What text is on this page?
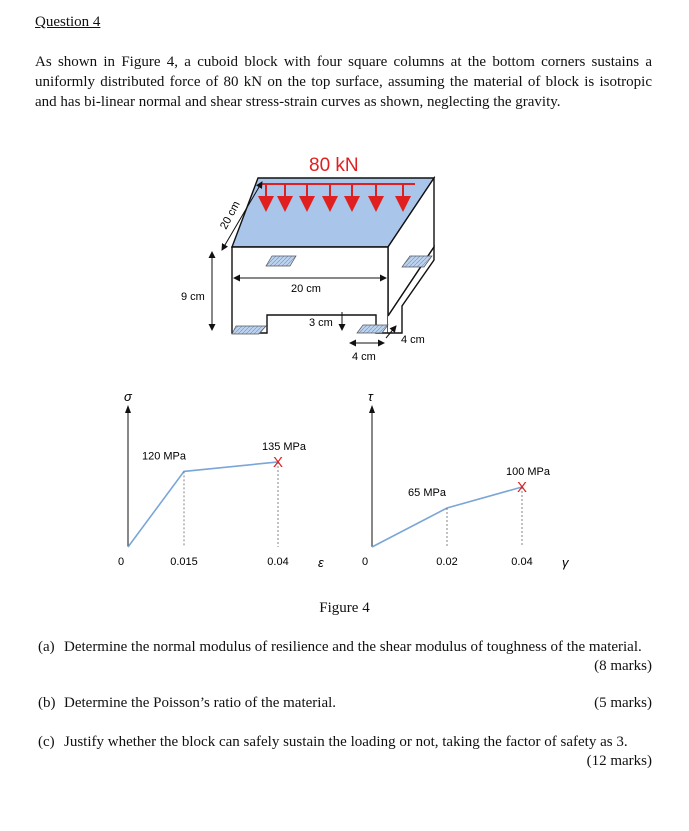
Question 4
As shown in Figure 4, a cuboid block with four square columns at the bottom corners sustains a uniformly distributed force of 80 kN on the top surface, assuming the material of block is isotropic and has bi-linear normal and shear stress-strain curves as shown, neglecting the gravity.
80 kN
20 cm
9 cm
20 cm
3 cm
4 cm
4 cm
σ
0	ε
0.015
120 MPa
0.04
135 MPa
X
τ
0	γ
0.02
65 MPa
0.04
100 MPa
X
Figure 4
(a) Determine the normal modulus of resilience and the shear modulus of toughness of the material.
(8 marks)
(b) Determine the Poisson’s ratio of the material.	(5 marks)
(c) Justify whether the block can safely sustain the loading or not, taking the factor of safety as 3.
(12 marks)
